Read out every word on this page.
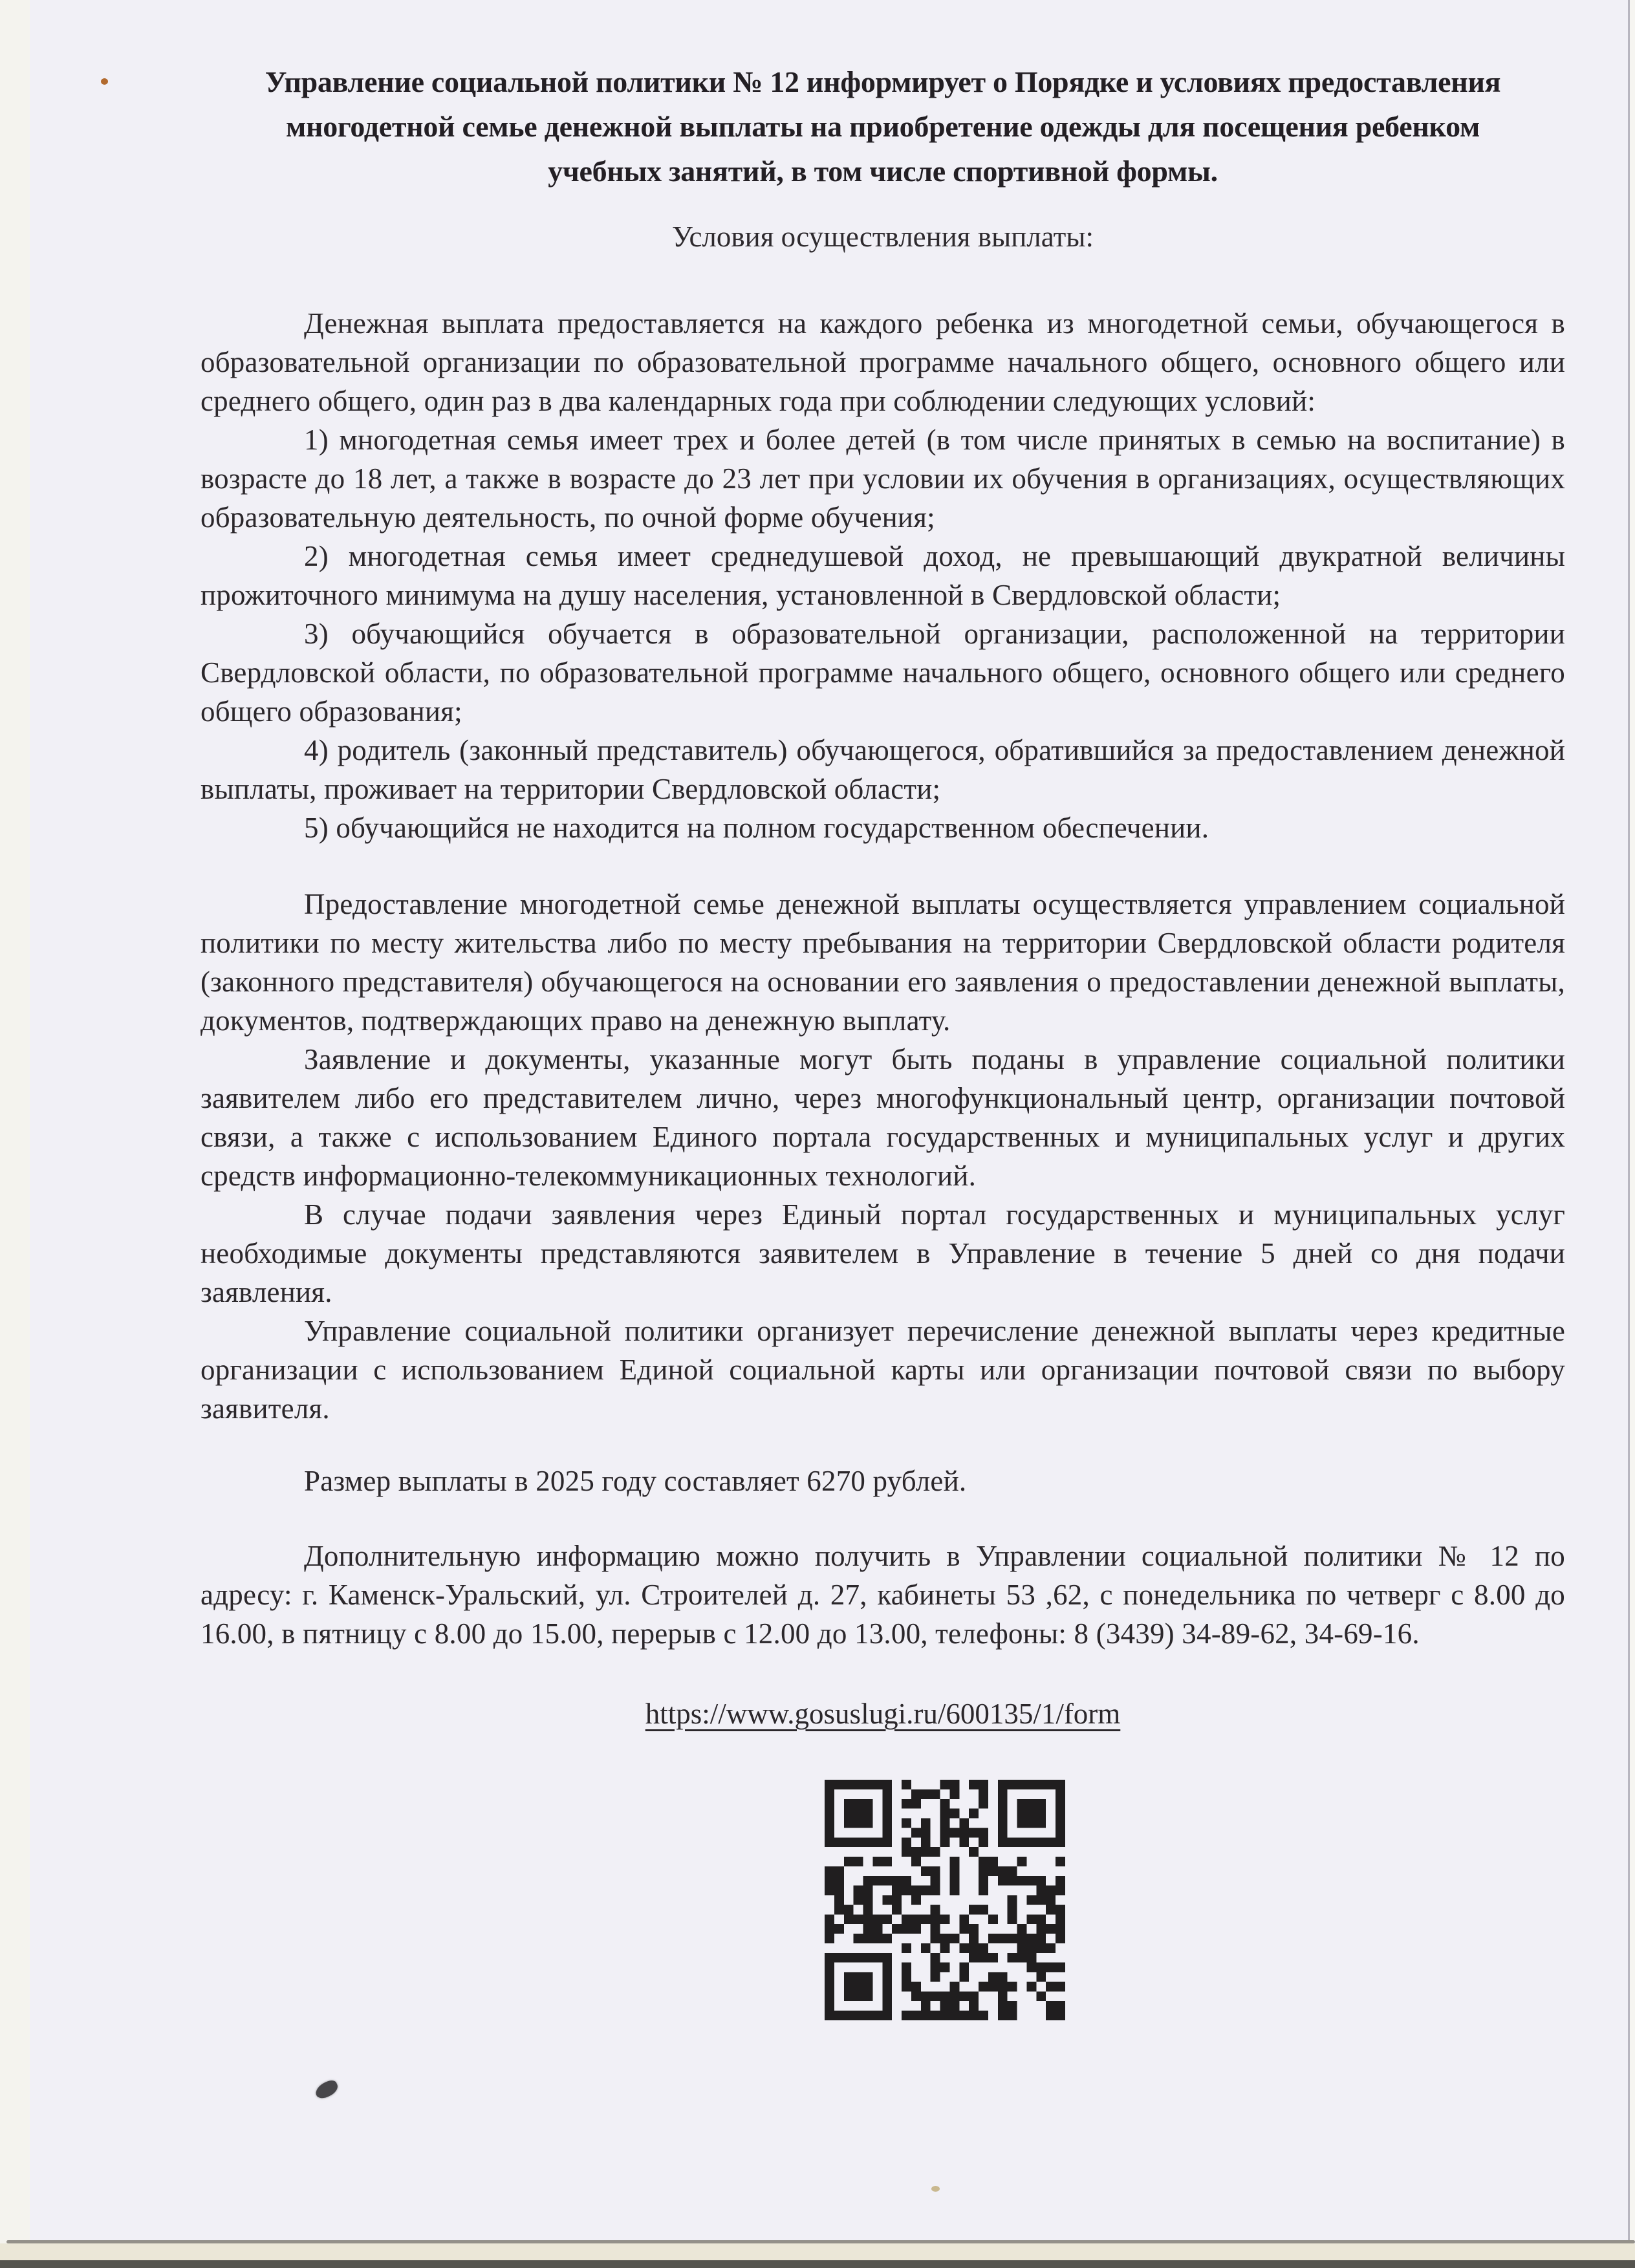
Управление социальной политики № 12 информирует о Порядке и условиях предоставления
многодетной семье денежной выплаты на приобретение одежды для посещения ребенком
учебных занятий, в том числе спортивной формы.
Условия осуществления выплаты:

Денежная выплата предоставляется на каждого ребенка из многодетной семьи, обучающегося в образовательной организации по образовательной программе начального общего, основного общего или среднего общего, один раз в два календарных года при соблюдении следующих условий:

1) многодетная семья имеет трех и более детей (в том числе принятых в семью на воспитание) в возрасте до 18 лет, а также в возрасте до 23 лет при условии их обучения в организациях, осуществляющих образовательную деятельность, по очной форме обучения;

2) многодетная семья имеет среднедушевой доход, не превышающий двукратной величины прожиточного минимума на душу населения, установленной в Свердловской области;

3) обучающийся обучается в образовательной организации, расположенной на территории Свердловской области, по образовательной программе начального общего, основного общего или среднего общего образования;

4) родитель (законный представитель) обучающегося, обратившийся за предоставлением денежной выплаты, проживает на территории Свердловской области;

5) обучающийся не находится на полном государственном обеспечении.

Предоставление многодетной семье денежной выплаты осуществляется управлением социальной политики по месту жительства либо по месту пребывания на территории Свердловской области родителя (законного представителя) обучающегося на основании его заявления о предоставлении денежной выплаты, документов, подтверждающих право на денежную выплату.

Заявление и документы, указанные могут быть поданы в управление социальной политики заявителем либо его представителем лично, через многофункциональный центр, организации почтовой связи, а также с использованием Единого портала государственных и муниципальных услуг и других средств информационно-телекоммуникационных технологий.

В случае подачи заявления через Единый портал государственных и муниципальных услуг необходимые документы представляются заявителем в Управление в течение 5 дней со дня подачи заявления.

Управление социальной политики организует перечисление денежной выплаты через кредитные организации с использованием Единой социальной карты или организации почтовой связи по выбору заявителя.

Размер выплаты в 2025 году составляет 6270 рублей.

Дополнительную информацию можно получить в Управлении социальной политики № 12 по адресу: г. Каменск-Уральский, ул. Строителей д. 27, кабинеты 53 ,62, с понедельника по четверг с 8.00 до 16.00, в пятницу с 8.00 до 15.00, перерыв с 12.00 до 13.00, телефоны: 8 (3439) 34-89-62, 34-69-16.

https://www.gosuslugi.ru/600135/1/form
